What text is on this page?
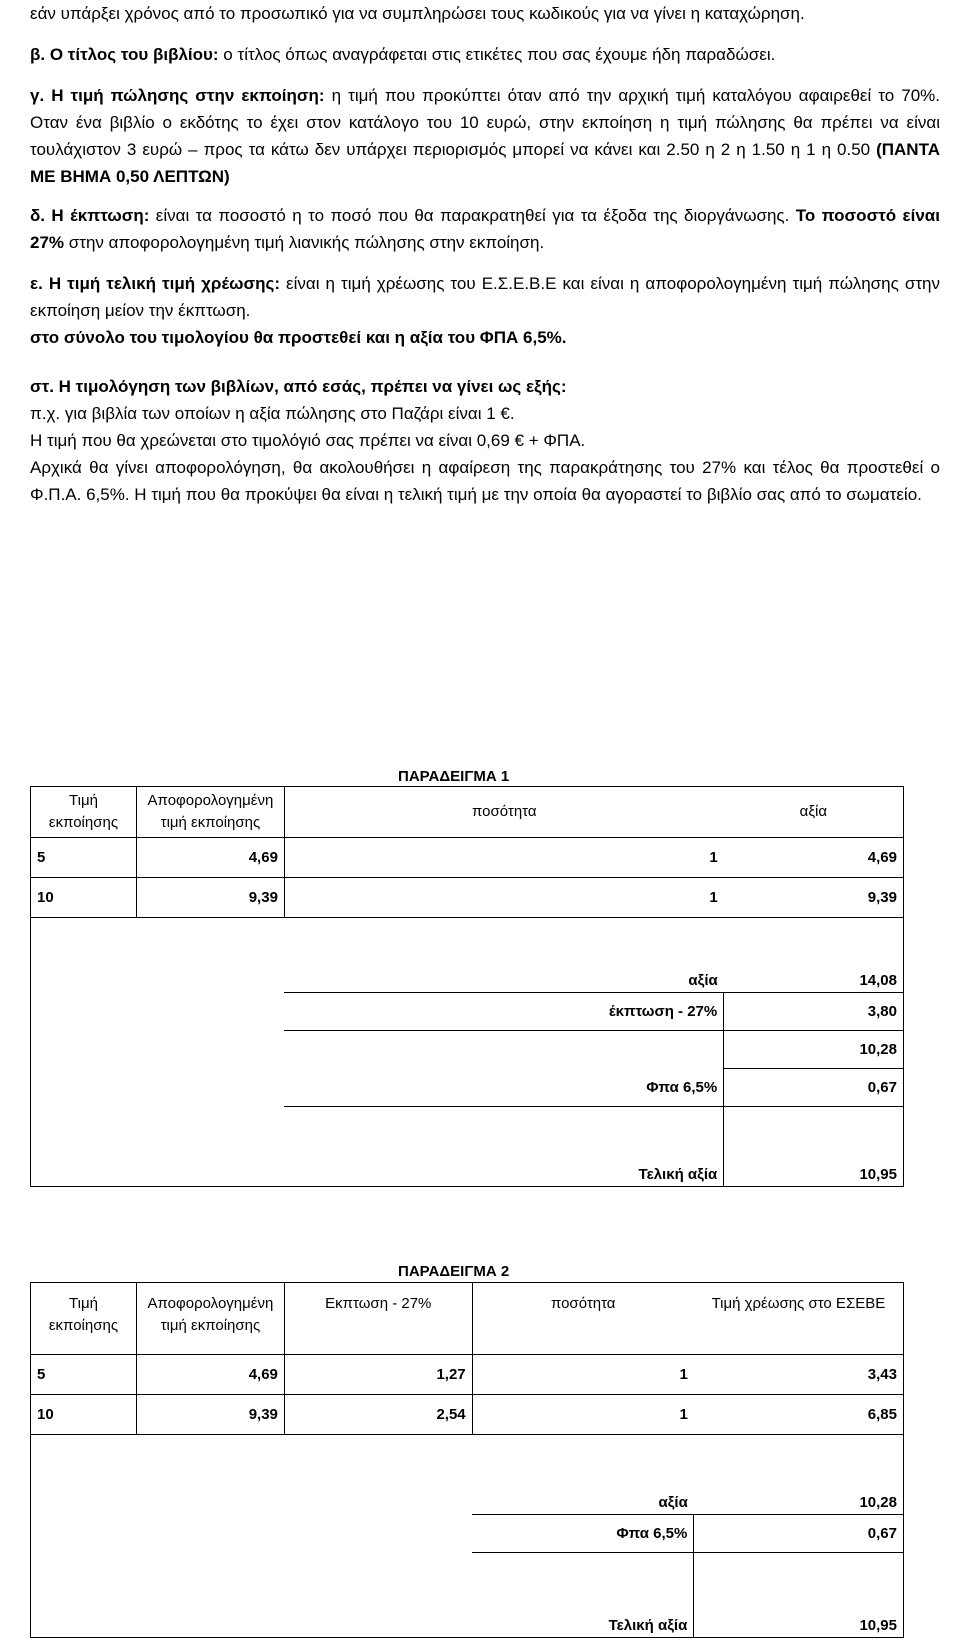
εάν υπάρξει χρόνος από το προσωπικό για να συμπληρώσει τους κωδικούς για να γίνει η καταχώρηση.

β. Ο τίτλος του βιβλίου: ο τίτλος όπως αναγράφεται στις ετικέτες που σας έχουμε ήδη παραδώσει.

γ. Η τιμή πώλησης στην εκποίηση: η τιμή που προκύπτει όταν από την αρχική τιμή καταλόγου αφαιρεθεί το 70%. Οταν ένα βιβλίο ο εκδότης το έχει στον κατάλογο του 10 ευρώ, στην εκποίηση η τιμή πώλησης θα πρέπει να είναι τουλάχιστον 3 ευρώ – προς τα κάτω δεν υπάρχει περιορισμός μπορεί να κάνει και 2.50 η 2 η 1.50 η 1 η 0.50 (ΠΑΝΤΑ ΜΕ ΒΗΜΑ 0,50 ΛΕΠΤΩΝ)

δ. Η έκπτωση: είναι τα ποσοστό η το ποσό που θα παρακρατηθεί για τα έξοδα της διοργάνωσης. Το ποσοστό είναι 27% στην αποφορολογημένη τιμή λιανικής πώλησης στην εκποίηση.

ε. Η τιμή τελική τιμή χρέωσης: είναι η τιμή χρέωσης του Ε.Σ.Ε.Β.Ε και είναι η αποφορολογημένη τιμή πώλησης στην εκποίηση μείον την έκπτωση.

στο σύνολο του τιμολογίου θα προστεθεί και η αξία του ΦΠΑ 6,5%.

στ. Η τιμολόγηση των βιβλίων, από εσάς, πρέπει να γίνει ως εξής:

π.χ. για βιβλία των οποίων η αξία πώλησης στο Παζάρι είναι 1 €.

Η τιμή που θα χρεώνεται στο τιμολόγιό σας πρέπει να είναι 0,69 € + ΦΠΑ.

Αρχικά θα γίνει αποφορολόγηση, θα ακολουθήσει η αφαίρεση της παρακράτησης του 27% και τέλος θα προστεθεί ο Φ.Π.Α. 6,5%. Η τιμή που θα προκύψει θα είναι η τελική τιμή με την οποία θα αγοραστεί το βιβλίο σας από το σωματείο.

ΠΑΡΑΔΕΙΓΜΑ 1
Τιμή εκποίησης	Αποφορολογημένη τιμή εκποίησης	ποσότητα	αξία
5	4,69	1	4,69
10	9,39	1	9,39
		αξία	14,08
		έκπτωση - 27%	3,80
			10,28
		Φπα 6,5%	0,67
		Τελική αξία	10,95
ΠΑΡΑΔΕΙΓΜΑ 2
Τιμή εκποίησης	Αποφορολογημένη τιμή εκποίησης	Εκπτωση - 27%	ποσότητα	Τιμή χρέωσης στο ΕΣΕΒΕ
5	4,69	1,27	1	3,43
10	9,39	2,54	1	6,85
			αξία	10,28
			Φπα 6,5%	0,67
			Τελική αξία	10,95
